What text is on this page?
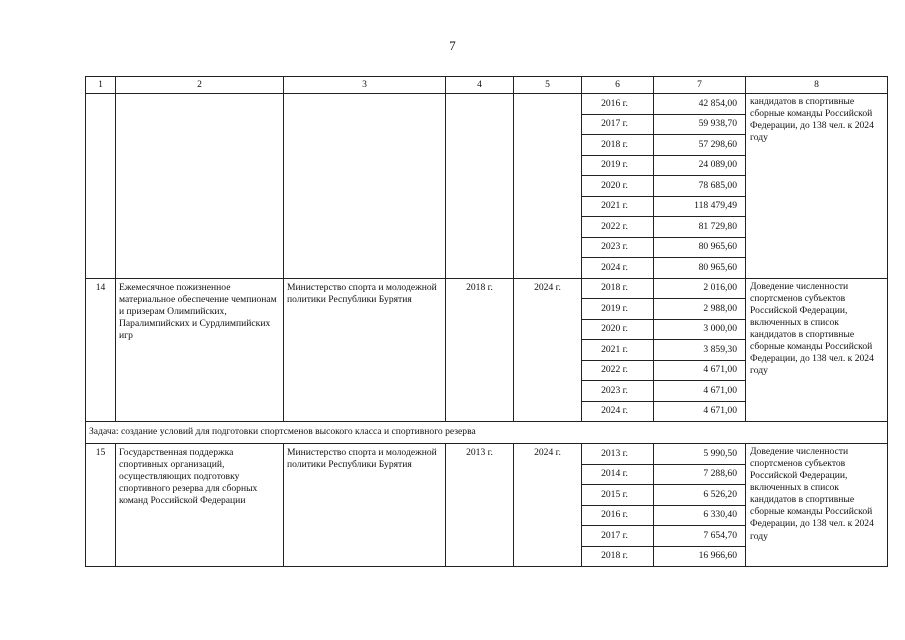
7
1	2	3	4	5	6	7	8
					2016 г.	42 854,00	кандидатов в спортивные сборные команды Российской Федерации, до 138 чел. к 2024 году
					2017 г.	59 938,70	
					2018 г.	57 298,60	
					2019 г.	24 089,00	
					2020 г.	78 685,00	
					2021 г.	118 479,49	
					2022 г.	81 729,80	
					2023 г.	80 965,60	
					2024 г.	80 965,60	
14	Ежемесячное пожизненное материальное обеспечение чемпионам и призерам Олимпийских, Паралимпийских и Сурдлимпийских игр	Министерство спорта и молодежной политики Республики Бурятия	2018 г.	2024 г.	2018 г.	2 016,00	Доведение численности спортсменов субъектов Российской Федерации, включенных в список кандидатов в спортивные сборные команды Российской Федерации, до 138 чел. к 2024 году
					2019 г.	2 988,00	
					2020 г.	3 000,00	
					2021 г.	3 859,30	
					2022 г.	4 671,00	
					2023 г.	4 671,00	
					2024 г.	4 671,00	
Задача: создание условий для подготовки спортсменов высокого класса и спортивного резерва							
15	Государственная поддержка спортивных организаций, осуществляющих подготовку спортивного резерва для сборных команд Российской Федерации	Министерство спорта и молодежной политики Республики Бурятия	2013 г.	2024 г.	2013 г.	5 990,50	Доведение численности спортсменов субъектов Российской Федерации, включенных в список кандидатов в спортивные сборные команды Российской Федерации, до 138 чел. к 2024 году
					2014 г.	7 288,60	
					2015 г.	6 526,20	
					2016 г.	6 330,40	
					2017 г.	7 654,70	
					2018 г.	16 966,60	
